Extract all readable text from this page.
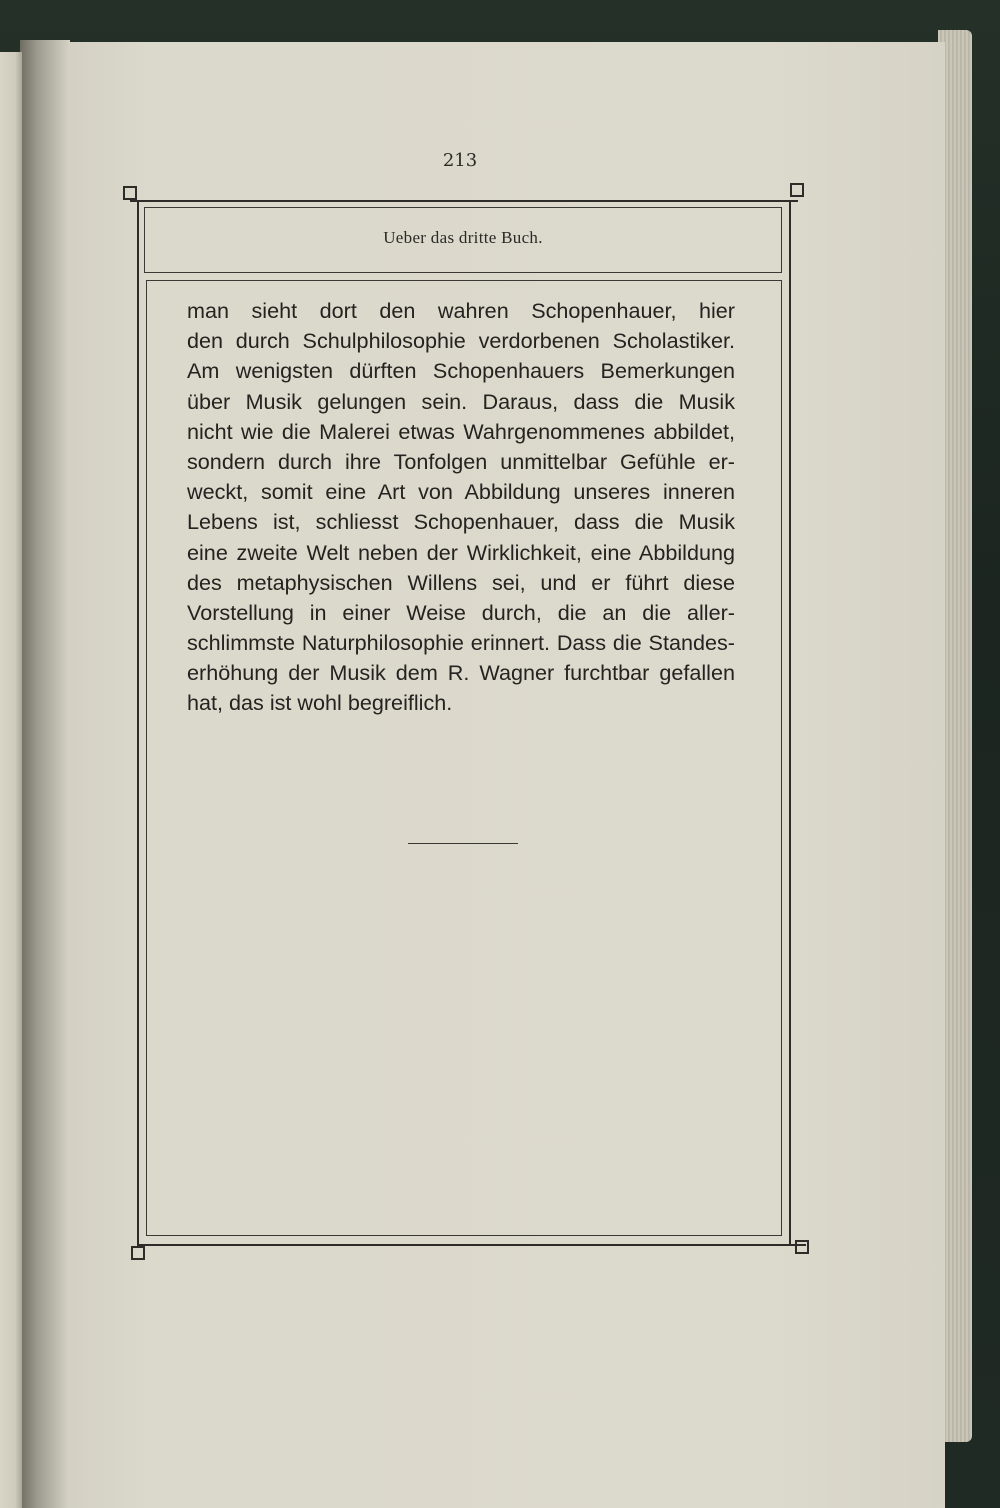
213
Ueber das dritte Buch.
man sieht dort den wahren Schopenhauer, hier
den durch Schulphilosophie verdorbenen Scholastiker.
Am wenigsten dürften Schopenhauers Bemerkungen
über Musik gelungen sein. Daraus, dass die Musik
nicht wie die Malerei etwas Wahrgenommenes abbildet,
sondern durch ihre Tonfolgen unmittelbar Gefühle er-
weckt, somit eine Art von Abbildung unseres inneren
Lebens ist, schliesst Schopenhauer, dass die Musik
eine zweite Welt neben der Wirklichkeit, eine Abbildung
des metaphysischen Willens sei, und er führt diese
Vorstellung in einer Weise durch, die an die aller-
schlimmste Naturphilosophie erinnert. Dass die Standes-
erhöhung der Musik dem R. Wagner furchtbar gefallen
hat, das ist wohl begreiflich.
